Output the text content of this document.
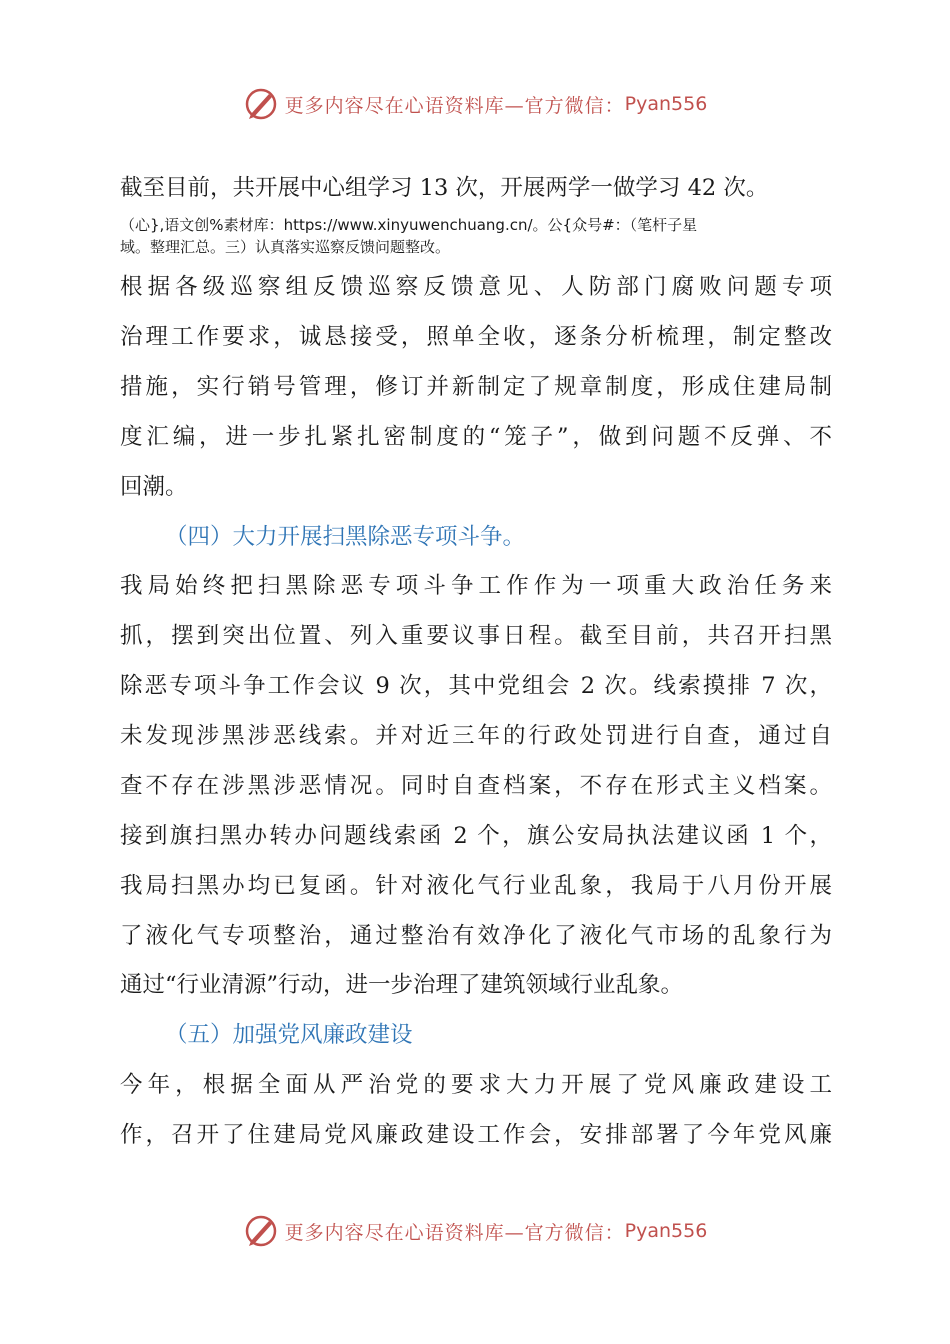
更多内容尽在心语资料库—官方微信： Pyan556
截至目前，共开展中心组学习 13 次，开展两学一做学习 42 次。
（心},语文创%素材库：https://www.xinyuwenchuang.cn/。公{众号#：（笔杆子星
域。整理汇总。三）认真落实巡察反馈问题整改。
根据各级巡察组反馈巡察反馈意见、人防部门腐败问题专项
治理工作要求，诚恳接受，照单全收，逐条分析梳理，制定整改
措施，实行销号管理，修订并新制定了规章制度，形成住建局制
度汇编，进一步扎紧扎密制度的“笼子”，做到问题不反弹、不
回潮。
（四）大力开展扫黑除恶专项斗争。
我局始终把扫黑除恶专项斗争工作作为一项重大政治任务来
抓，摆到突出位置、列入重要议事日程。截至目前，共召开扫黑
除恶专项斗争工作会议 9 次，其中党组会 2 次。线索摸排 7 次，
未发现涉黑涉恶线索。并对近三年的行政处罚进行自查，通过自
查不存在涉黑涉恶情况。同时自查档案，不存在形式主义档案。
接到旗扫黑办转办问题线索函 2 个，旗公安局执法建议函 1 个，
我局扫黑办均已复函。针对液化气行业乱象，我局于八月份开展
了液化气专项整治，通过整治有效净化了液化气市场的乱象行为
通过“行业清源”行动，进一步治理了建筑领域行业乱象。
（五）加强党风廉政建设
今年，根据全面从严治党的要求大力开展了党风廉政建设工
作，召开了住建局党风廉政建设工作会，安排部署了今年党风廉
更多内容尽在心语资料库—官方微信： Pyan556
